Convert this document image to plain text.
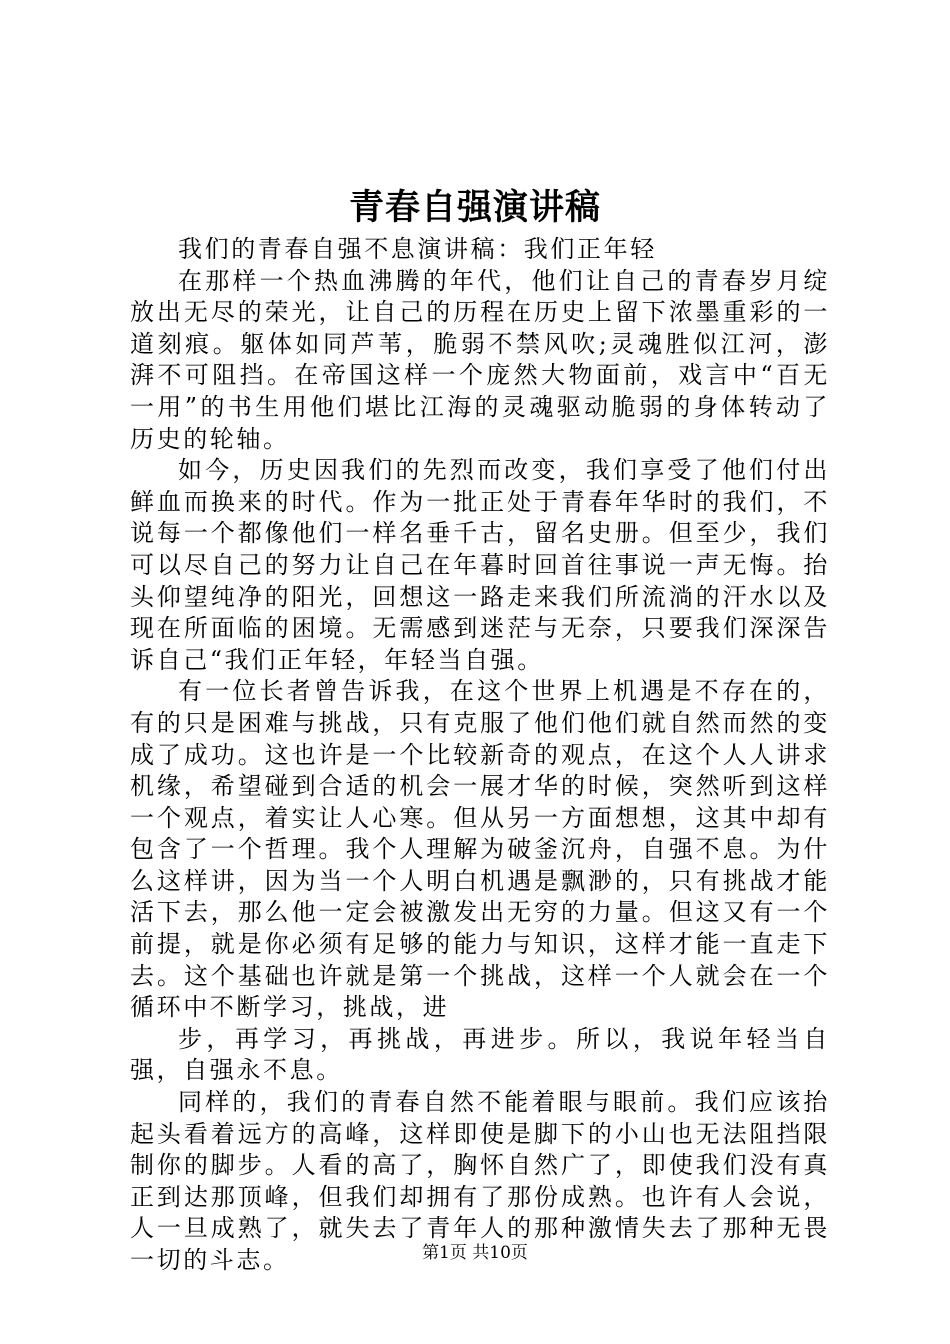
青春自强演讲稿

我们的青春自强不息演讲稿：我们正年轻

在那样一个热血沸腾的年代，他们让自己的青春岁月绽放出无尽的荣光，让自己的历程在历史上留下浓墨重彩的一道刻痕。躯体如同芦苇，脆弱不禁风吹;灵魂胜似江河，澎湃不可阻挡。在帝国这样一个庞然大物面前，戏言中“百无一用”的书生用他们堪比江海的灵魂驱动脆弱的身体转动了历史的轮轴。

如今，历史因我们的先烈而改变，我们享受了他们付出鲜血而换来的时代。作为一批正处于青春年华时的我们，不说每一个都像他们一样名垂千古，留名史册。但至少，我们可以尽自己的努力让自己在年暮时回首往事说一声无悔。抬头仰望纯净的阳光，回想这一路走来我们所流淌的汗水以及现在所面临的困境。无需感到迷茫与无奈，只要我们深深告诉自己“我们正年轻，年轻当自强。

有一位长者曾告诉我，在这个世界上机遇是不存在的，有的只是困难与挑战，只有克服了他们他们就自然而然的变成了成功。这也许是一个比较新奇的观点，在这个人人讲求机缘，希望碰到合适的机会一展才华的时候，突然听到这样一个观点，着实让人心寒。但从另一方面想想，这其中却有包含了一个哲理。我个人理解为破釜沉舟，自强不息。为什么这样讲，因为当一个人明白机遇是飘渺的，只有挑战才能活下去，那么他一定会被激发出无穷的力量。但这又有一个前提，就是你必须有足够的能力与知识，这样才能一直走下去。这个基础也许就是第一个挑战，这样一个人就会在一个循环中不断学习，挑战，进

步，再学习，再挑战，再进步。所以，我说年轻当自强，自强永不息。

同样的，我们的青春自然不能着眼与眼前。我们应该抬起头看着远方的高峰，这样即使是脚下的小山也无法阻挡限制你的脚步。人看的高了，胸怀自然广了，即使我们没有真正到达那顶峰，但我们却拥有了那份成熟。也许有人会说，人一旦成熟了，就失去了青年人的那种激情失去了那种无畏一切的斗志。	第1页 共10页
